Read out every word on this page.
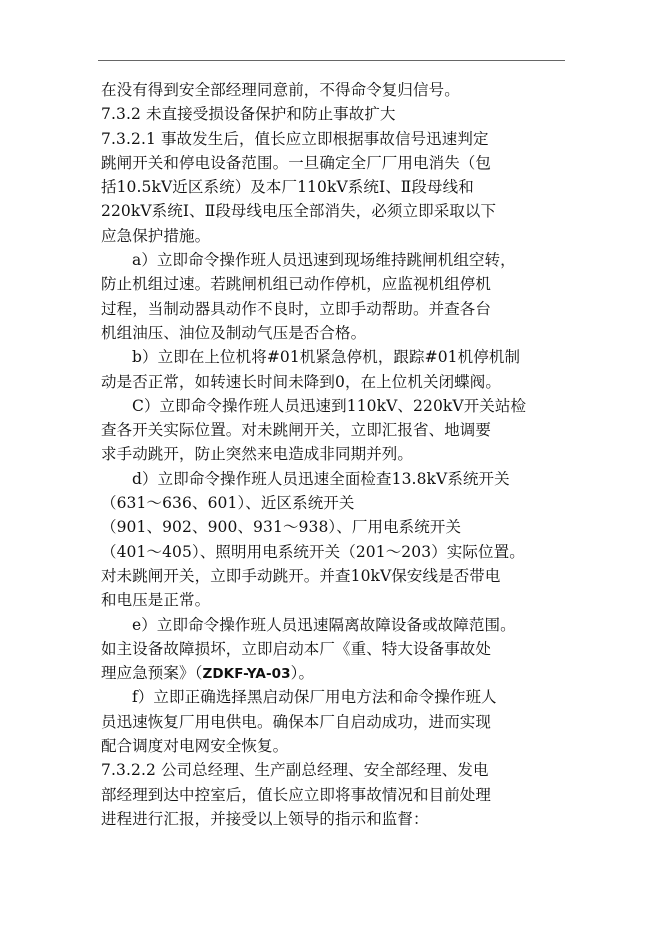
在没有得到安全部经理同意前，不得命令复归信号。
7.3.2 未直接受损设备保护和防止事故扩大
7.3.2.1 事故发生后，值长应立即根据事故信号迅速判定
跳闸开关和停电设备范围。一旦确定全厂厂用电消失（包
括10.5kV近区系统）及本厂110kV系统Ⅰ、Ⅱ段母线和
220kV系统Ⅰ、Ⅱ段母线电压全部消失，必须立即采取以下
应急保护措施。
a）立即命令操作班人员迅速到现场维持跳闸机组空转，
防止机组过速。若跳闸机组已动作停机，应监视机组停机
过程，当制动器具动作不良时，立即手动帮助。并查各台
机组油压、油位及制动气压是否合格。
b）立即在上位机将#01机紧急停机，跟踪#01机停机制
动是否正常，如转速长时间未降到0，在上位机关闭蝶阀。
C）立即命令操作班人员迅速到110kV、220kV开关站检
查各开关实际位置。对未跳闸开关，立即汇报省、地调要
求手动跳开，防止突然来电造成非同期并列。
d）立即命令操作班人员迅速全面检查13.8kV系统开关
（631～636、601）、近区系统开关
（901、902、900、931～938）、厂用电系统开关
（401～405）、照明用电系统开关（201～203）实际位置。
对未跳闸开关，立即手动跳开。并查10kV保安线是否带电
和电压是正常。
e）立即命令操作班人员迅速隔离故障设备或故障范围。
如主设备故障损坏，立即启动本厂《重、特大设备事故处
理应急预案》（ZDKF-YA-03）。
f）立即正确选择黑启动保厂用电方法和命令操作班人
员迅速恢复厂用电供电。确保本厂自启动成功，进而实现
配合调度对电网安全恢复。
7.3.2.2 公司总经理、生产副总经理、安全部经理、发电
部经理到达中控室后，值长应立即将事故情况和目前处理
进程进行汇报，并接受以上领导的指示和监督：
